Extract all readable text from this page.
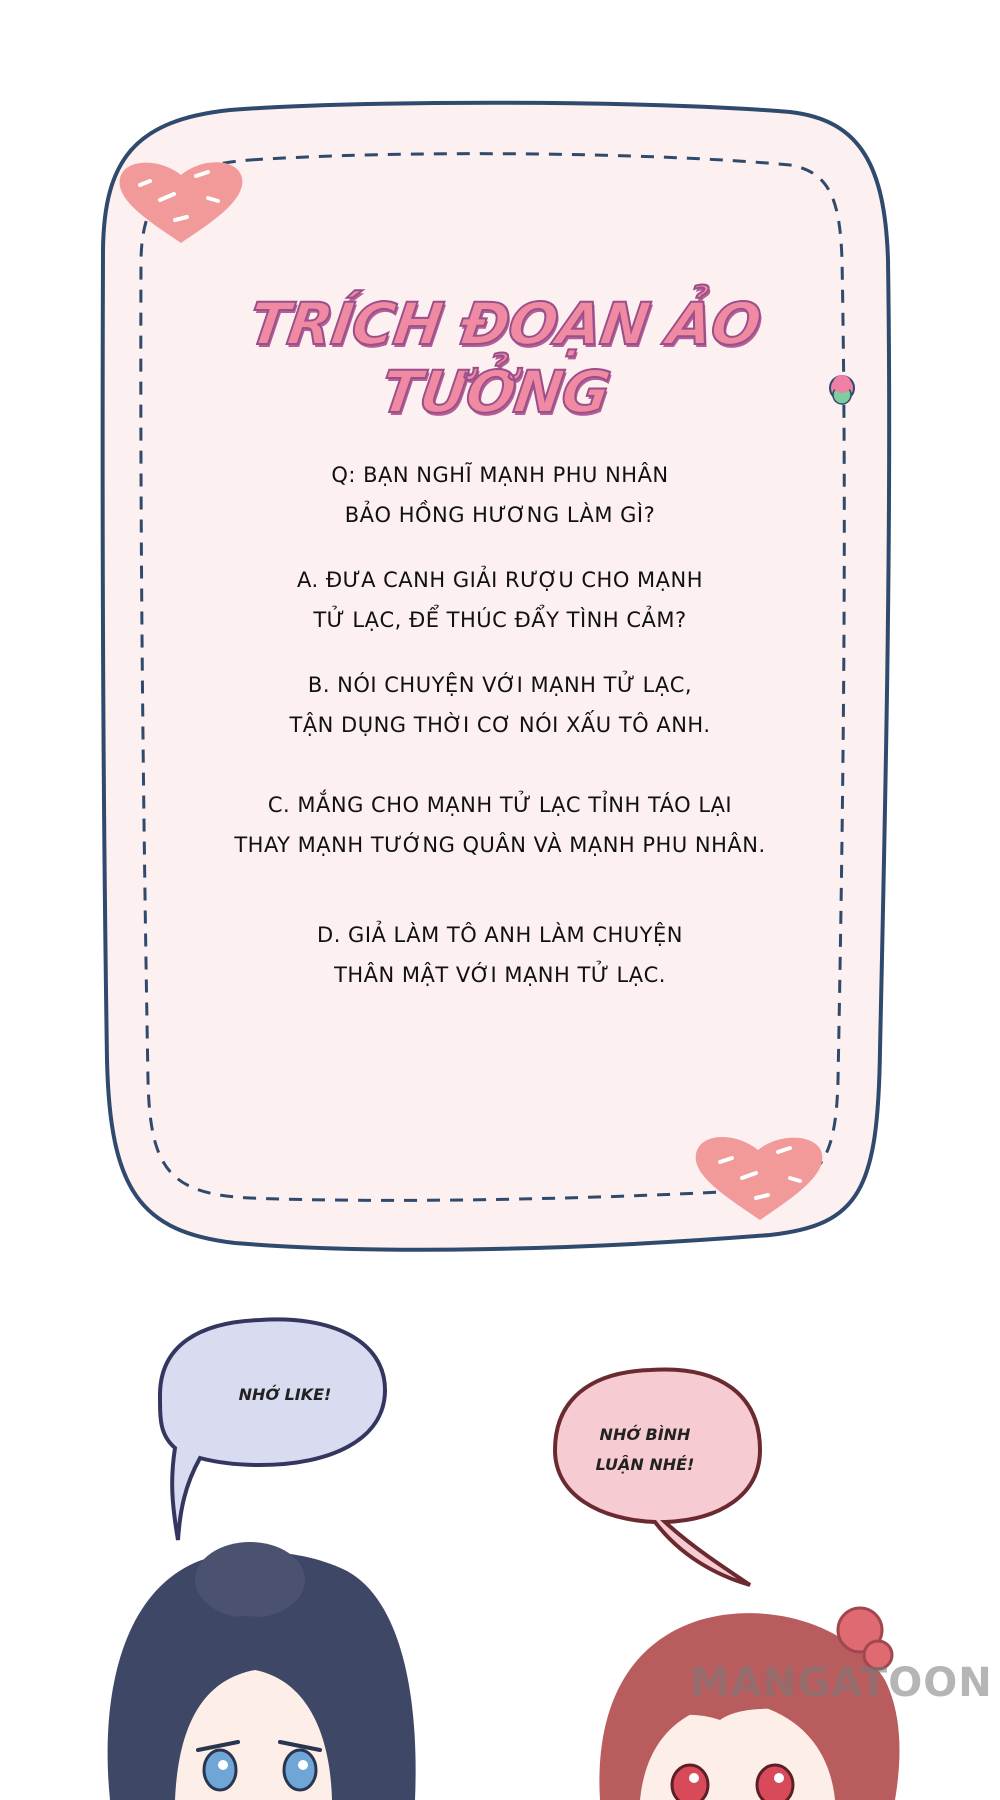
TRÍCH ĐOẠN ẢO TƯỞNG
Q: BẠN NGHĨ MẠNH PHU NHÂN
BẢO HỒNG HƯƠNG LÀM GÌ?
A. ĐƯA CANH GIẢI RƯỢU CHO MẠNH
TỬ LẠC, ĐỂ THÚC ĐẨY TÌNH CẢM?
B. NÓI CHUYỆN VỚI MẠNH TỬ LẠC,
TẬN DỤNG THỜI CƠ NÓI XẤU TÔ ANH.
C. MẮNG CHO MẠNH TỬ LẠC TỈNH TÁO LẠI
THAY MẠNH TƯỚNG QUÂN VÀ MẠNH PHU NHÂN.
D. GIẢ LÀM TÔ ANH LÀM CHUYỆN
THÂN MẬT VỚI MẠNH TỬ LẠC.
NHỚ LIKE!
NHỚ BÌNH
LUẬN NHÉ!
MANGATOON
